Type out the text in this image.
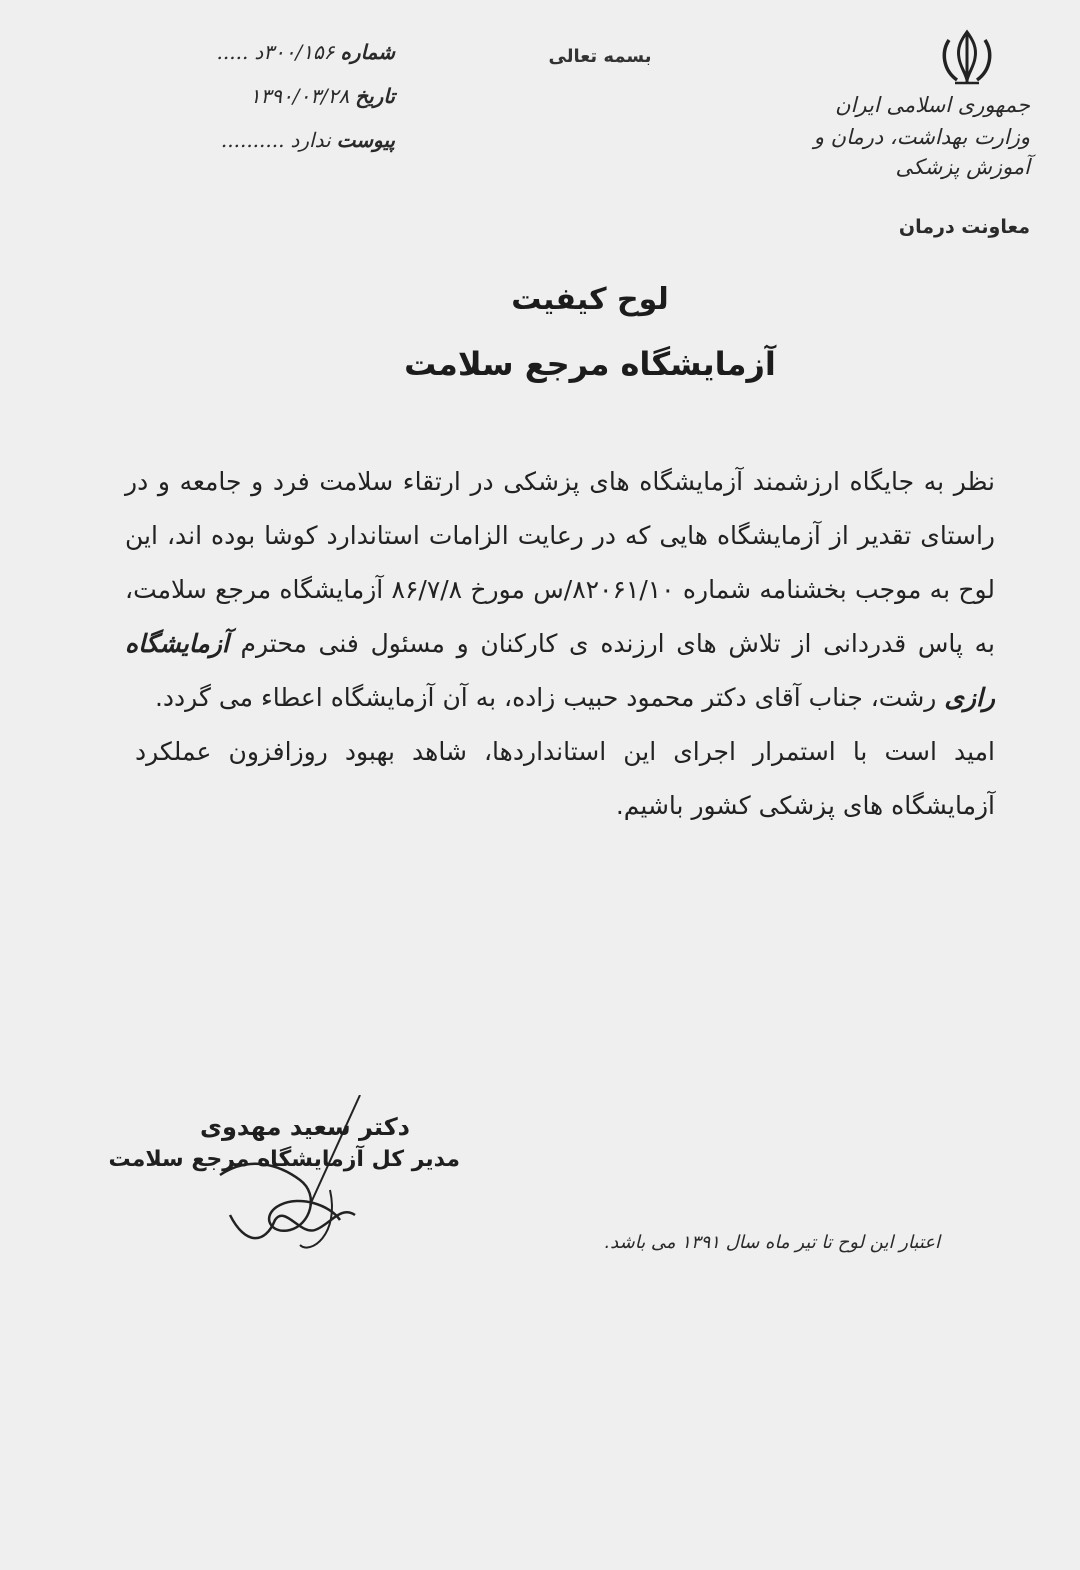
بسمه تعالی
جمهوری اسلامی ایران
وزارت بهداشت، درمان و آموزش پزشکی
معاونت درمان
شماره
۳۰۰/۱۵۶د
.....
تاریخ
۱۳۹۰/۰۳/۲۸
پیوست
ندارد
..........
لوح کیفیت
آزمایشگاه مرجع سلامت
نظر به جایگاه ارزشمند آزمایشگاه های پزشکی در ارتقاء سلامت فرد و جامعه و در راستای تقدیر از آزمایشگاه هایی که در رعایت الزامات استاندارد کوشا بوده اند، این لوح به موجب بخشنامه شماره ۸۲۰۶۱/۱۰/س مورخ ۸۶/۷/۸ آزمایشگاه مرجع سلامت، به پاس قدردانی از تلاش های ارزنده ی کارکنان و مسئول فنی محترم آزمایشگاه رازی رشت، جناب آقای دکتر محمود حبیب زاده، به آن آزمایشگاه اعطاء می گردد.
امید است با استمرار اجرای این استانداردها، شاهد بهبود روزافزون عملکرد آزمایشگاه های پزشکی کشور باشیم.
دکتر سعید مهدوی
مدیر کل آزمایشگاه مرجع سلامت
اعتبار این لوح تا تیر ماه سال ۱۳۹۱ می باشد.
